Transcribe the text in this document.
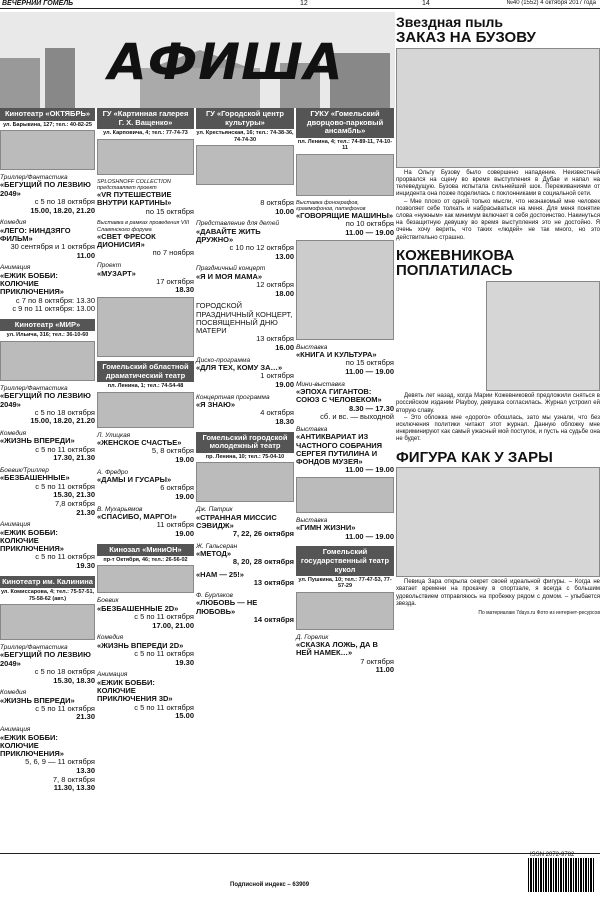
ВЕЧЕРНИЙ ГОМЕЛЬ	12	14	№40 (1552) 4 октября 2017 года
АФИША
Кинотеатр «ОКТЯБРЬ»
ул. Барыкина, 127; тел.: 40-82-25
Триллер/Фантастика
«БЕГУЩИЙ ПО ЛЕЗВИЮ 2049»
с 5 по 18 октября
15.00, 18.20, 21.20
Комедия
«ЛЕГО: НИНДЗЯГО ФИЛЬМ»
30 сентября и 1 октября
11.00
Анимация
«ЕЖИК БОББИ: КОЛЮЧИЕ ПРИКЛЮЧЕНИЯ»
с 7 по 8 октября: 13.30
с 9 по 11 октября: 13.00
Кинотеатр «МИР»
ул. Ильича, 316; тел.: 36-10-60
Триллер/Фантастика
«БЕГУЩИЙ ПО ЛЕЗВИЮ 2049»
с 5 по 18 октября
15.00, 18.20, 21.20
Комедия
«ЖИЗНЬ ВПЕРЕДИ»
с 5 по 11 октября
17.30, 21.30
Боевик/Триллер
«БЕЗБАШЕННЫЕ»
с 5 по 11 октября
15.30, 21.30
7,8 октября
21.30
Анимация
«ЕЖИК БОББИ: КОЛЮЧИЕ ПРИКЛЮЧЕНИЯ»
с 5 по 11 октября
19.30
Кинотеатр им. Калинина
ул. Комиссарова, 4; тел.: 75-57-51, 75-58-62 (авт.)
Триллер/Фантастика
«БЕГУЩИЙ ПО ЛЕЗВИЮ 2049»
с 5 по 18 октября
15.30, 18.30
Комедия
«ЖИЗНЬ ВПЕРЕДИ»
с 5 по 11 октября
21.30
Анимация
«ЕЖИК БОББИ: КОЛЮЧИЕ ПРИКЛЮЧЕНИЯ»
5, 6, 9 — 11 октября
13.30
7, 8 октября
11.30, 13.30
ГУ «Картинная галерея Г. Х. Ващенко»
ул. Карповича, 4; тел.: 77-74-73
SPLOSHNOFF COLLECTION представляет проект
«VR ПУТЕШЕСТВИЕ ВНУТРИ КАРТИНЫ»
по 15 октября
Выставка в рамках проведения VIII Славянского форума
«СВЕТ ФРЕСОК ДИОНИСИЯ»
по 7 ноября
Проект
«МУЗАРТ»
17 октября
18.30
Гомельский областной драматический театр
пл. Ленина, 1; тел.: 74-54-48
Л. Улицкая
«ЖЕНСКОЕ СЧАСТЬЕ»
5, 8 октября
19.00
А. Фредро
«ДАМЫ И ГУСАРЫ»
6 октября
19.00
В. Мухарьямов
«СПАСИБО, МАРГО!»
11 октября
19.00
Кинозал «МиниОН»
пр-т Октября, 46; тел.: 26-56-02
Боевик
«БЕЗБАШЕННЫЕ 2D»
с 5 по 11 октября
17.00, 21.00
Комедия
«ЖИЗНЬ ВПЕРЕДИ 2D»
с 5 по 11 октября
19.30
Анимация
«ЕЖИК БОББИ: КОЛЮЧИЕ ПРИКЛЮЧЕНИЯ 3D»
с 5 по 11 октября
15.00
ГУ «Городской центр культуры»
ул. Крестьянская, 16; тел.: 74-38-36, 74-74-30
8 октября
10.00
Представление для детей
«ДАВАЙТЕ ЖИТЬ ДРУЖНО»
с 10 по 12 октября
13.00
Праздничный концерт
«Я И МОЯ МАМА»
12 октября
18.00
ГОРОДСКОЙ ПРАЗДНИЧНЫЙ КОНЦЕРТ, ПОСВЯЩЕННЫЙ ДНЮ МАТЕРИ
13 октября
16.00
Диско-программа
«ДЛЯ ТЕХ, КОМУ ЗА…»
1 октября
19.00
Концертная программа
«Я ЗНАЮ»
4 октября
18.30
Гомельский городской молодежный театр
пр. Ленина, 10; тел.: 75-04-10
Дж. Патрик
«СТРАННАЯ МИССИС СЭВИДЖ»
7, 22, 26 октября
Ж. Гальсеран
«МЕТОД»
8, 20, 28 октября
«НАМ — 25!»
13 октября
Ф. Бурлаков
«ЛЮБОВЬ — НЕ ЛЮБОВЬ»
14 октября
ГУКУ «Гомельский дворцово-парковый ансамбль»
пл. Ленина, 4; тел.: 74-89-11, 74-10-11
Выставка фонографов, граммофонов, патефонов
«ГОВОРЯЩИЕ МАШИНЫ»
по 10 октября
11.00 — 19.00
Выставка
«КНИГА И КУЛЬТУРА»
по 15 октября
11.00 — 19.00
Мини-выставка
«ЭПОХА ГИГАНТОВ: СОЮЗ С ЧЕЛОВЕКОМ»
8.30 — 17.30
сб. и вс. — выходной
Выставка
«АНТИКВАРИАТ ИЗ ЧАСТНОГО СОБРАНИЯ СЕРГЕЯ ПУТИЛИНА И ФОНДОВ МУЗЕЯ»
11.00 — 19.00
Выставка
«ГИМН ЖИЗНИ»
11.00 — 19.00
Гомельский государственный театр кукол
ул. Пушкина, 10; тел.: 77-47-53, 77-57-29
Д. Горелик
«СКАЗКА ЛОЖЬ, ДА В НЕЙ НАМЕК…»
7 октября
11.00
Звездная пыль
ЗАКАЗ НА БУЗОВУ

На Ольгу Бузову было совершено нападение. Неизвестный прорвался на сцену во время выступления в Дубае и напал на телеведущую. Бузова испытала сильнейший шок. Переживаниями от инцидента она позже поделилась с поклонниками в социальной сети.

– Мне плохо от одной только мысли, что незнакомый мне человек позволяет себе толкать и набрасываться на меня. Для меня понятие слова «нужным» как минимум включает в себя достоинство. Накинуться на безащитную девушку во время выступления это не достойно. Я очень хочу верить, что таких «людей» не так много, но это действительно страшно.

КОЖЕВНИКОВА ПОПЛАТИЛАСЬ

Девять лет назад, когда Марии Кожевниковой предложили сняться в российском издании Playboy, девушка согласилась. Журнал устроил ей вторую славу.

– Это обложка мне «дорого» обошлась, зато мы узнали, что без исключения политики читают этот журнал. Данную обложку мне инкриминируют как самый ужасный мой поступок, и пусть на судьбе она не будет.

ФИГУРА КАК У ЗАРЫ

Певица Зара открыла секрет своей идеальной фигуры. – Когда не хватает времени на прокачку в спортзале, я всегда с большим удовольствием отправляюсь на пробежку рядом с домом. – улыбается звезда.

По материалам 7days.ru Фото из интернет-ресурсов
Подписной индекс – 63909
ISSN 2072-9782
